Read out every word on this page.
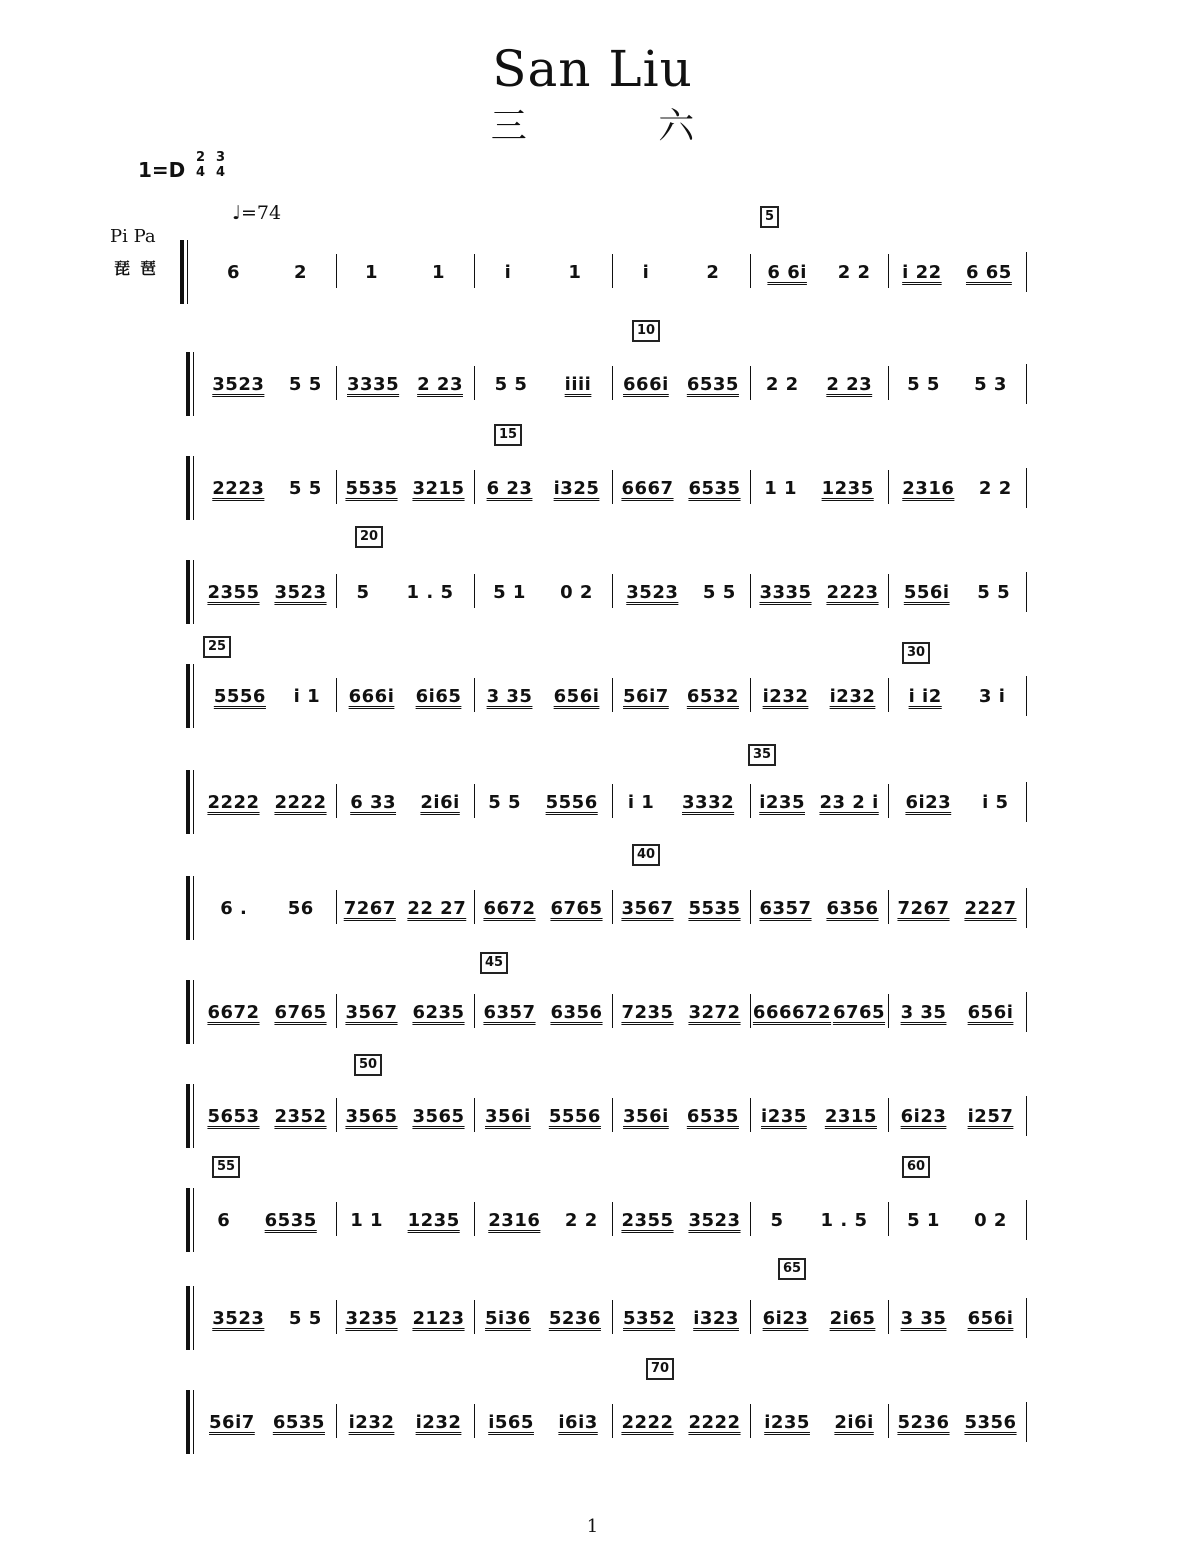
San Liu
三	六
1=D
2
4
3
4
♩=74
Pi Pa
琵琶	6	2	1	1	i	1	i	2	6 6i 2 2 i 22 6 65
5
3523 5 5 3335 2 23 5 5 iiii 666i 6535 2 2 2 23 5 5 5 3
10
2223 5 5 5535 3215 6 23 i325 6667 6535 1 1 1235 2316 2 2
15
2355 3523 5 1 . 5 5 1 0 2 3523 5 5 3335 2223 556i 5 5
20
5556 i 1 666i 6i65 3 35 656i 56i7 6532 i232 i232 i i2 3 i
25	30
2222 2222 6 33 2i6i 5 5 5556 i 1 3332 i235 23 2 i 6i23 i 5
35
6 . 56 7267 22 27 6672 6765 3567 5535 6357 6356 7267 2227
40
6672 6765 3567 6235 6357 6356 7235 3272 666672 6765 3 35 656i
45
5653 2352 3565 3565 356i 5556 356i 6535 i235 2315 6i23 i257
50
6 6535 1 1 1235 2316 2 2 2355 3523 5 1 . 5 5 1 0 2
55	60
3523 5 5 3235 2123 5i36 5236 5352 i323 6i23 2i65 3 35 656i
65
56i7 6535 i232 i232 i565 i6i3 2222 2222 i235 2i6i 5236 5356
70
1
